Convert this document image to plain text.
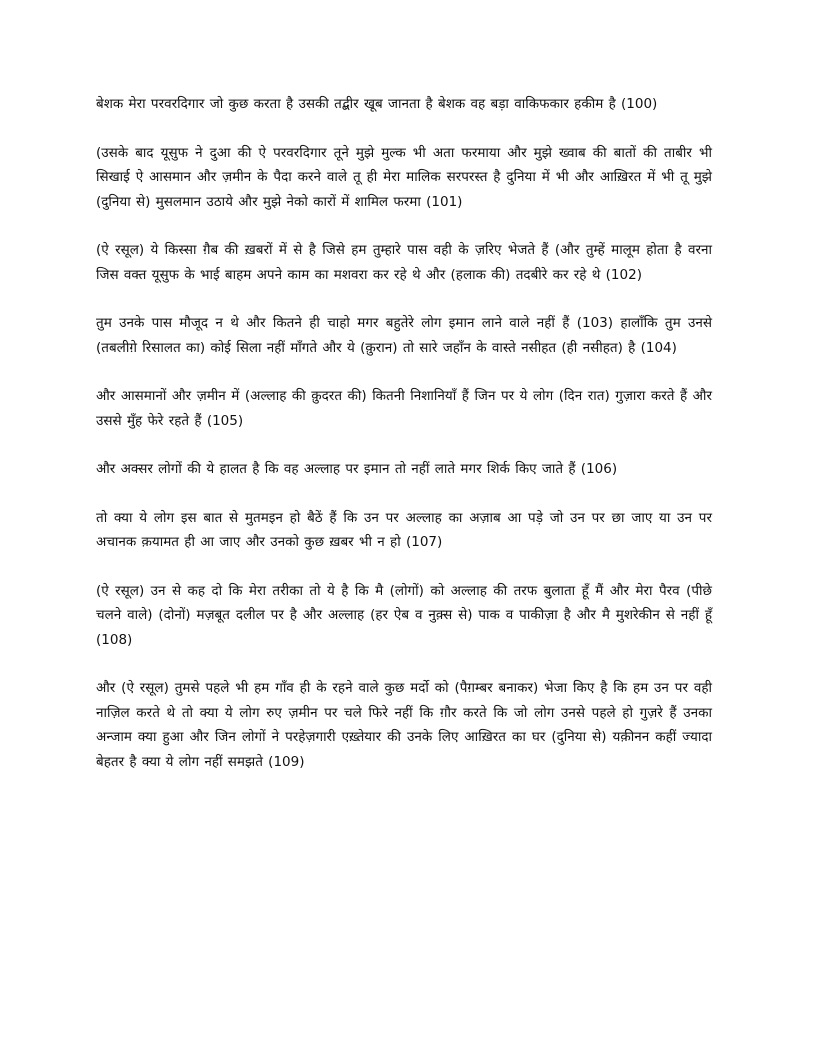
बेशक मेरा परवरदिगार जो कुछ करता है उसकी तद्बीर खूब जानता है बेशक वह बड़ा वाकिफकार हकीम है (100)

(उसके बाद यूसुफ ने दुआ की ऐ परवरदिगार तूने मुझे मुल्क भी अता फरमाया और मुझे ख्वाब की बातों की ताबीर भी सिखाई ऐ आसमान और ज़मीन के पैदा करने वाले तू ही मेरा मालिक सरपरस्त है दुनिया में भी और आख़िरत में भी तू मुझे (दुनिया से) मुसलमान उठाये और मुझे नेको कारों में शामिल फरमा (101)

(ऐ रसूल) ये किस्सा ग़ैब की ख़बरों में से है जिसे हम तुम्हारे पास वही के ज़रिए भेजते हैं (और तुम्हें मालूम होता है वरना जिस वक्त यूसुफ के भाई बाहम अपने काम का मशवरा कर रहे थे और (हलाक की) तदबीरे कर रहे थे (102)

तुम उनके पास मौजूद न थे और कितने ही चाहो मगर बहुतेरे लोग इमान लाने वाले नहीं हैं (103) हालाँकि तुम उनसे (तबलीगे़ रिसालत का) कोई सिला नहीं माँगते और ये (कु़रान) तो सारे जहाँन के वास्ते नसीहत (ही नसीहत) है (104)

और आसमानों और ज़मीन में (अल्लाह की कु़दरत की) कितनी निशानियाँ हैं जिन पर ये लोग (दिन रात) गुज़ारा करते हैं और उससे मुँह फेरे रहते हैं (105)

और अक्सर लोगों की ये हालत है कि वह अल्लाह पर इमान तो नहीं लाते मगर शिर्क किए जाते हैं (106)

तो क्या ये लोग इस बात से मुतमइन हो बैठें हैं कि उन पर अल्लाह का अज़ाब आ पड़े जो उन पर छा जाए या उन पर अचानक क़यामत ही आ जाए और उनको कुछ ख़बर भी न हो (107)

(ऐ रसूल) उन से कह दो कि मेरा तरीका तो ये है कि मै (लोगों) को अल्लाह की तरफ बुलाता हूँ मैं और मेरा पैरव (पीछे चलने वाले) (दोनों) मज़बूत दलील पर है और अल्लाह (हर ऐब व नुक़्स से) पाक व पाकीज़ा है और मै मुशरेकीन से नहीं हूँ (108)

और (ऐ रसूल) तुमसे पहले भी हम गाँव ही के रहने वाले कुछ मर्दो को (पैग़म्बर बनाकर) भेजा किए है कि हम उन पर वही नाज़िल करते थे तो क्या ये लोग रुए ज़मीन पर चले फिरे नहीं कि ग़ौर करते कि जो लोग उनसे पहले हो गुज़रे हैं उनका अन्जाम क्या हुआ और जिन लोगों ने परहेज़गारी एख़्तेयार की उनके लिए आख़िरत का घर (दुनिया से) यक़ीनन कहीं ज्यादा बेहतर है क्या ये लोग नहीं समझते (109)
